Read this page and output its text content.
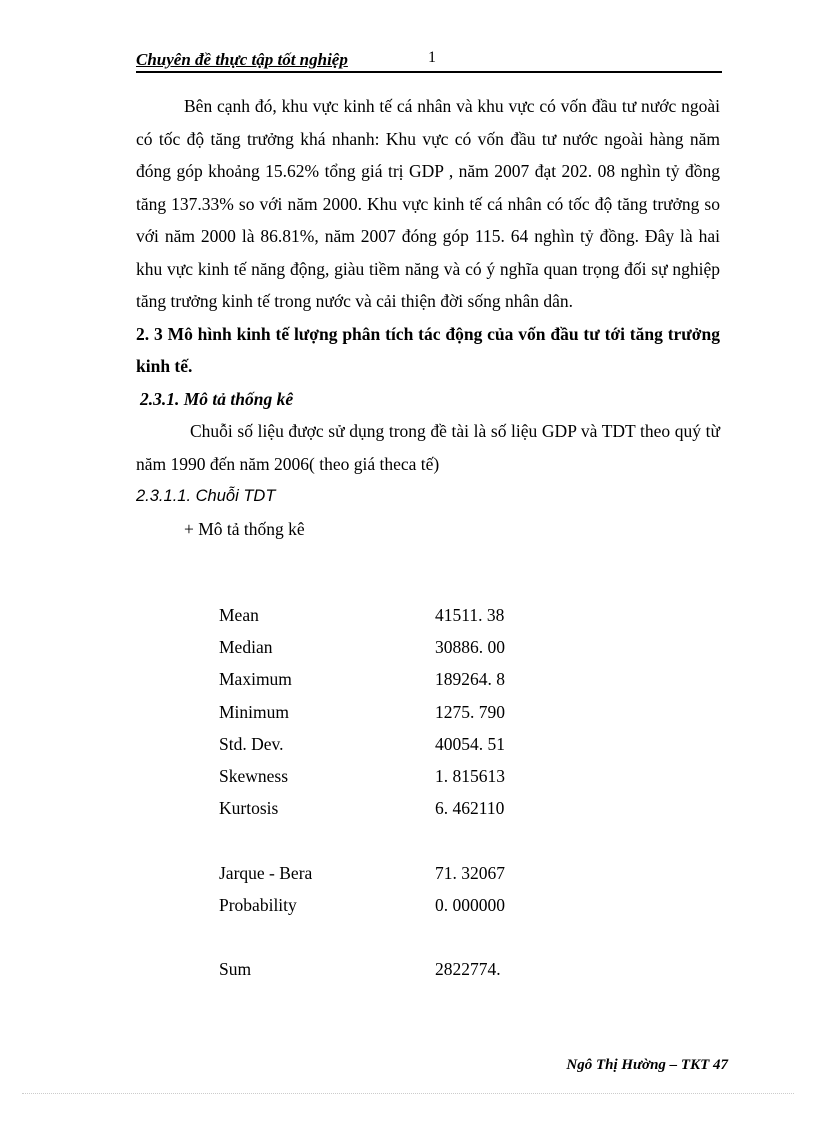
Chuyên đề thực tập tốt nghiệp	1

Bên cạnh đó, khu vực kinh tế cá nhân và khu vực có vốn đầu tư nước ngoài có tốc độ tăng trưởng khá nhanh: Khu vực có vốn đầu tư nước ngoài hàng năm đóng góp khoảng 15.62% tổng giá trị GDP , năm 2007 đạt 202. 08 nghìn tỷ đồng tăng 137.33% so với năm 2000. Khu vực kinh tế cá nhân có tốc độ tăng trưởng so với năm 2000 là 86.81%, năm 2007 đóng góp 115. 64 nghìn tỷ đồng. Đây là hai khu vực kinh tế năng động, giàu tiềm năng và có ý nghĩa quan trọng đối sự nghiệp tăng trưởng kinh tế trong nước và cải thiện đời sống nhân dân.

2. 3 Mô hình kinh tế lượng phân tích tác động của vốn đầu tư tới tăng trưởng kinh tế.

2.3.1. Mô tả thống kê

Chuỗi số liệu được sử dụng trong đề tài là số liệu GDP và TDT theo quý từ năm 1990 đến năm 2006( theo giá theca tế)

2.3.1.1. Chuỗi TDT

+ Mô tả thống kê

Mean	41511. 38
Median	30886. 00
Maximum	189264. 8
Minimum	1275. 790
Std. Dev.	40054. 51
Skewness	1. 815613
Kurtosis	6. 462110
Jarque - Bera	71. 32067
Probability	0. 000000
Sum	2822774.
Ngô Thị Hường – TKT 47
